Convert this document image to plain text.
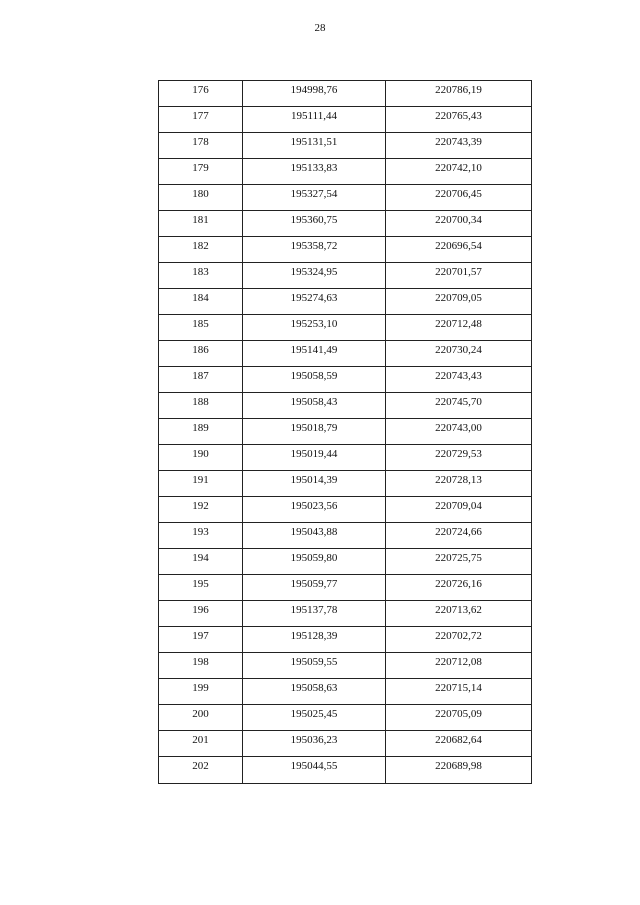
28
176	194998,76	220786,19
177	195111,44	220765,43
178	195131,51	220743,39
179	195133,83	220742,10
180	195327,54	220706,45
181	195360,75	220700,34
182	195358,72	220696,54
183	195324,95	220701,57
184	195274,63	220709,05
185	195253,10	220712,48
186	195141,49	220730,24
187	195058,59	220743,43
188	195058,43	220745,70
189	195018,79	220743,00
190	195019,44	220729,53
191	195014,39	220728,13
192	195023,56	220709,04
193	195043,88	220724,66
194	195059,80	220725,75
195	195059,77	220726,16
196	195137,78	220713,62
197	195128,39	220702,72
198	195059,55	220712,08
199	195058,63	220715,14
200	195025,45	220705,09
201	195036,23	220682,64
202	195044,55	220689,98
